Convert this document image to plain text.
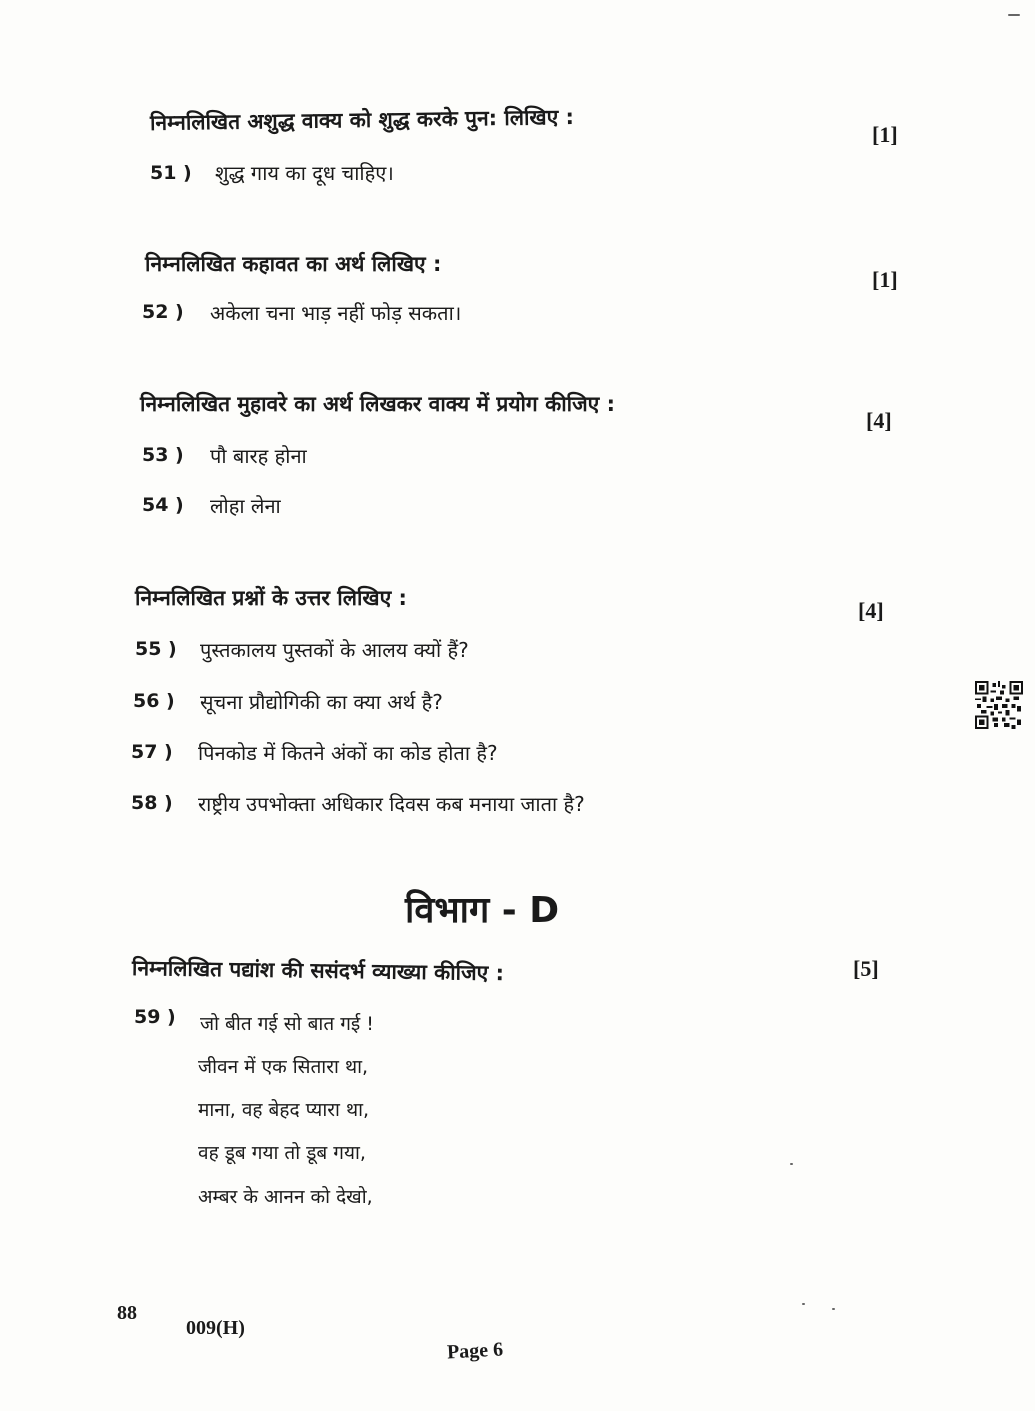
निम्नलिखित अशुद्ध वाक्य को शुद्ध करके पुन: लिखिए :	[1]
51 ) शुद्ध गाय का दूध चाहिए।
निम्नलिखित कहावत का अर्थ लिखिए :
[1]
52 ) अकेला चना भाड़ नहीं फोड़ सकता।
निम्नलिखित मुहावरे का अर्थ लिखकर वाक्य में प्रयोग कीजिए :
[4]
53 ) पौ बारह होना
54 ) लोहा लेना
निम्नलिखित प्रश्नों के उत्तर लिखिए :	[4]
55 ) पुस्तकालय पुस्तकों के आलय क्यों हैं?
56 ) सूचना प्रौद्योगिकी का क्या अर्थ है?
57 ) पिनकोड में कितने अंकों का कोड होता है?
58 ) राष्ट्रीय उपभोक्ता अधिकार दिवस कब मनाया जाता है?
विभाग - D
निम्नलिखित पद्यांश की ससंदर्भ व्याख्या कीजिए :	[5]
59 ) जो बीत गई सो बात गई !
जीवन में एक सितारा था,
माना, वह बेहद प्यारा था,
वह डूब गया तो डूब गया,
अम्बर के आनन को देखो,
88
009(H)
Page 6
